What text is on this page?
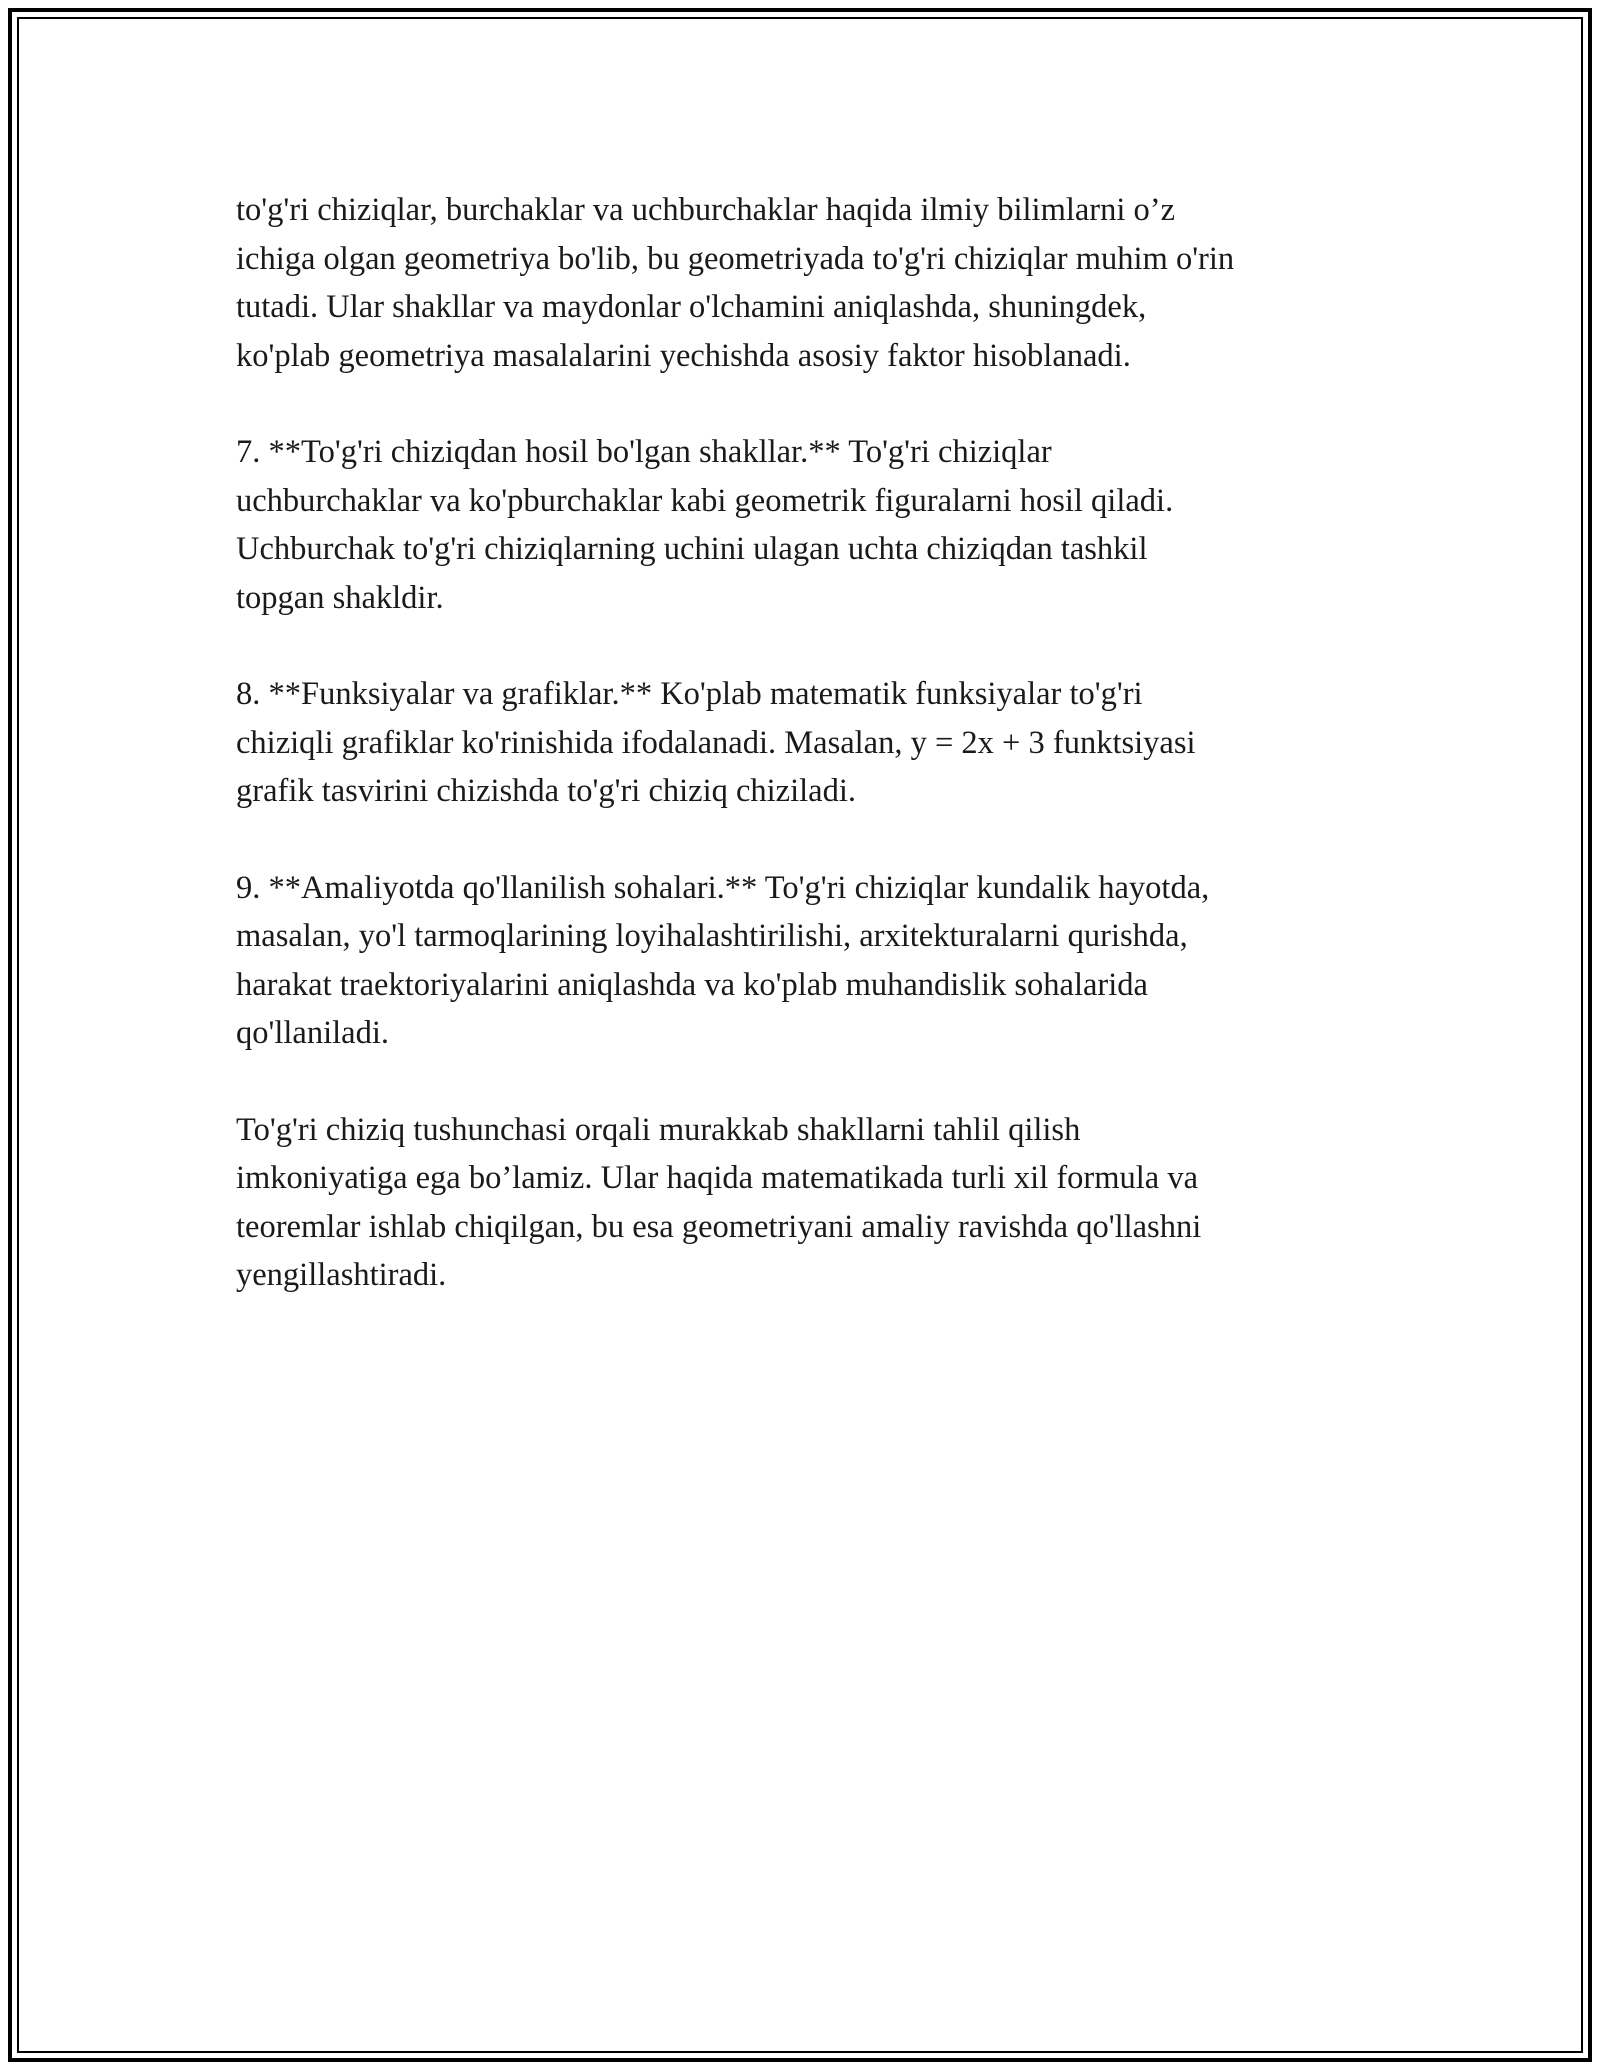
to'g'ri chiziqlar, burchaklar va uchburchaklar haqida ilmiy bilimlarni o’z
ichiga olgan geometriya bo'lib, bu geometriyada to'g'ri chiziqlar muhim o'rin
tutadi. Ular shakllar va maydonlar o'lchamini aniqlashda, shuningdek,
ko'plab geometriya masalalarini yechishda asosiy faktor hisoblanadi.

7. **To'g'ri chiziqdan hosil bo'lgan shakllar.** To'g'ri chiziqlar
uchburchaklar va ko'pburchaklar kabi geometrik figuralarni hosil qiladi.
Uchburchak to'g'ri chiziqlarning uchini ulagan uchta chiziqdan tashkil
topgan shakldir.

8. **Funksiyalar va grafiklar.** Ko'plab matematik funksiyalar to'g'ri
chiziqli grafiklar ko'rinishida ifodalanadi. Masalan, y = 2x + 3 funktsiyasi
grafik tasvirini chizishda to'g'ri chiziq chiziladi.

9. **Amaliyotda qo'llanilish sohalari.** To'g'ri chiziqlar kundalik hayotda,
masalan, yo'l tarmoqlarining loyihalashtirilishi, arxitekturalarni qurishda,
harakat traektoriyalarini aniqlashda va ko'plab muhandislik sohalarida
qo'llaniladi.

To'g'ri chiziq tushunchasi orqali murakkab shakllarni tahlil qilish
imkoniyatiga ega bo’lamiz. Ular haqida matematikada turli xil formula va
teoremlar ishlab chiqilgan, bu esa geometriyani amaliy ravishda qo'llashni
yengillashtiradi.
